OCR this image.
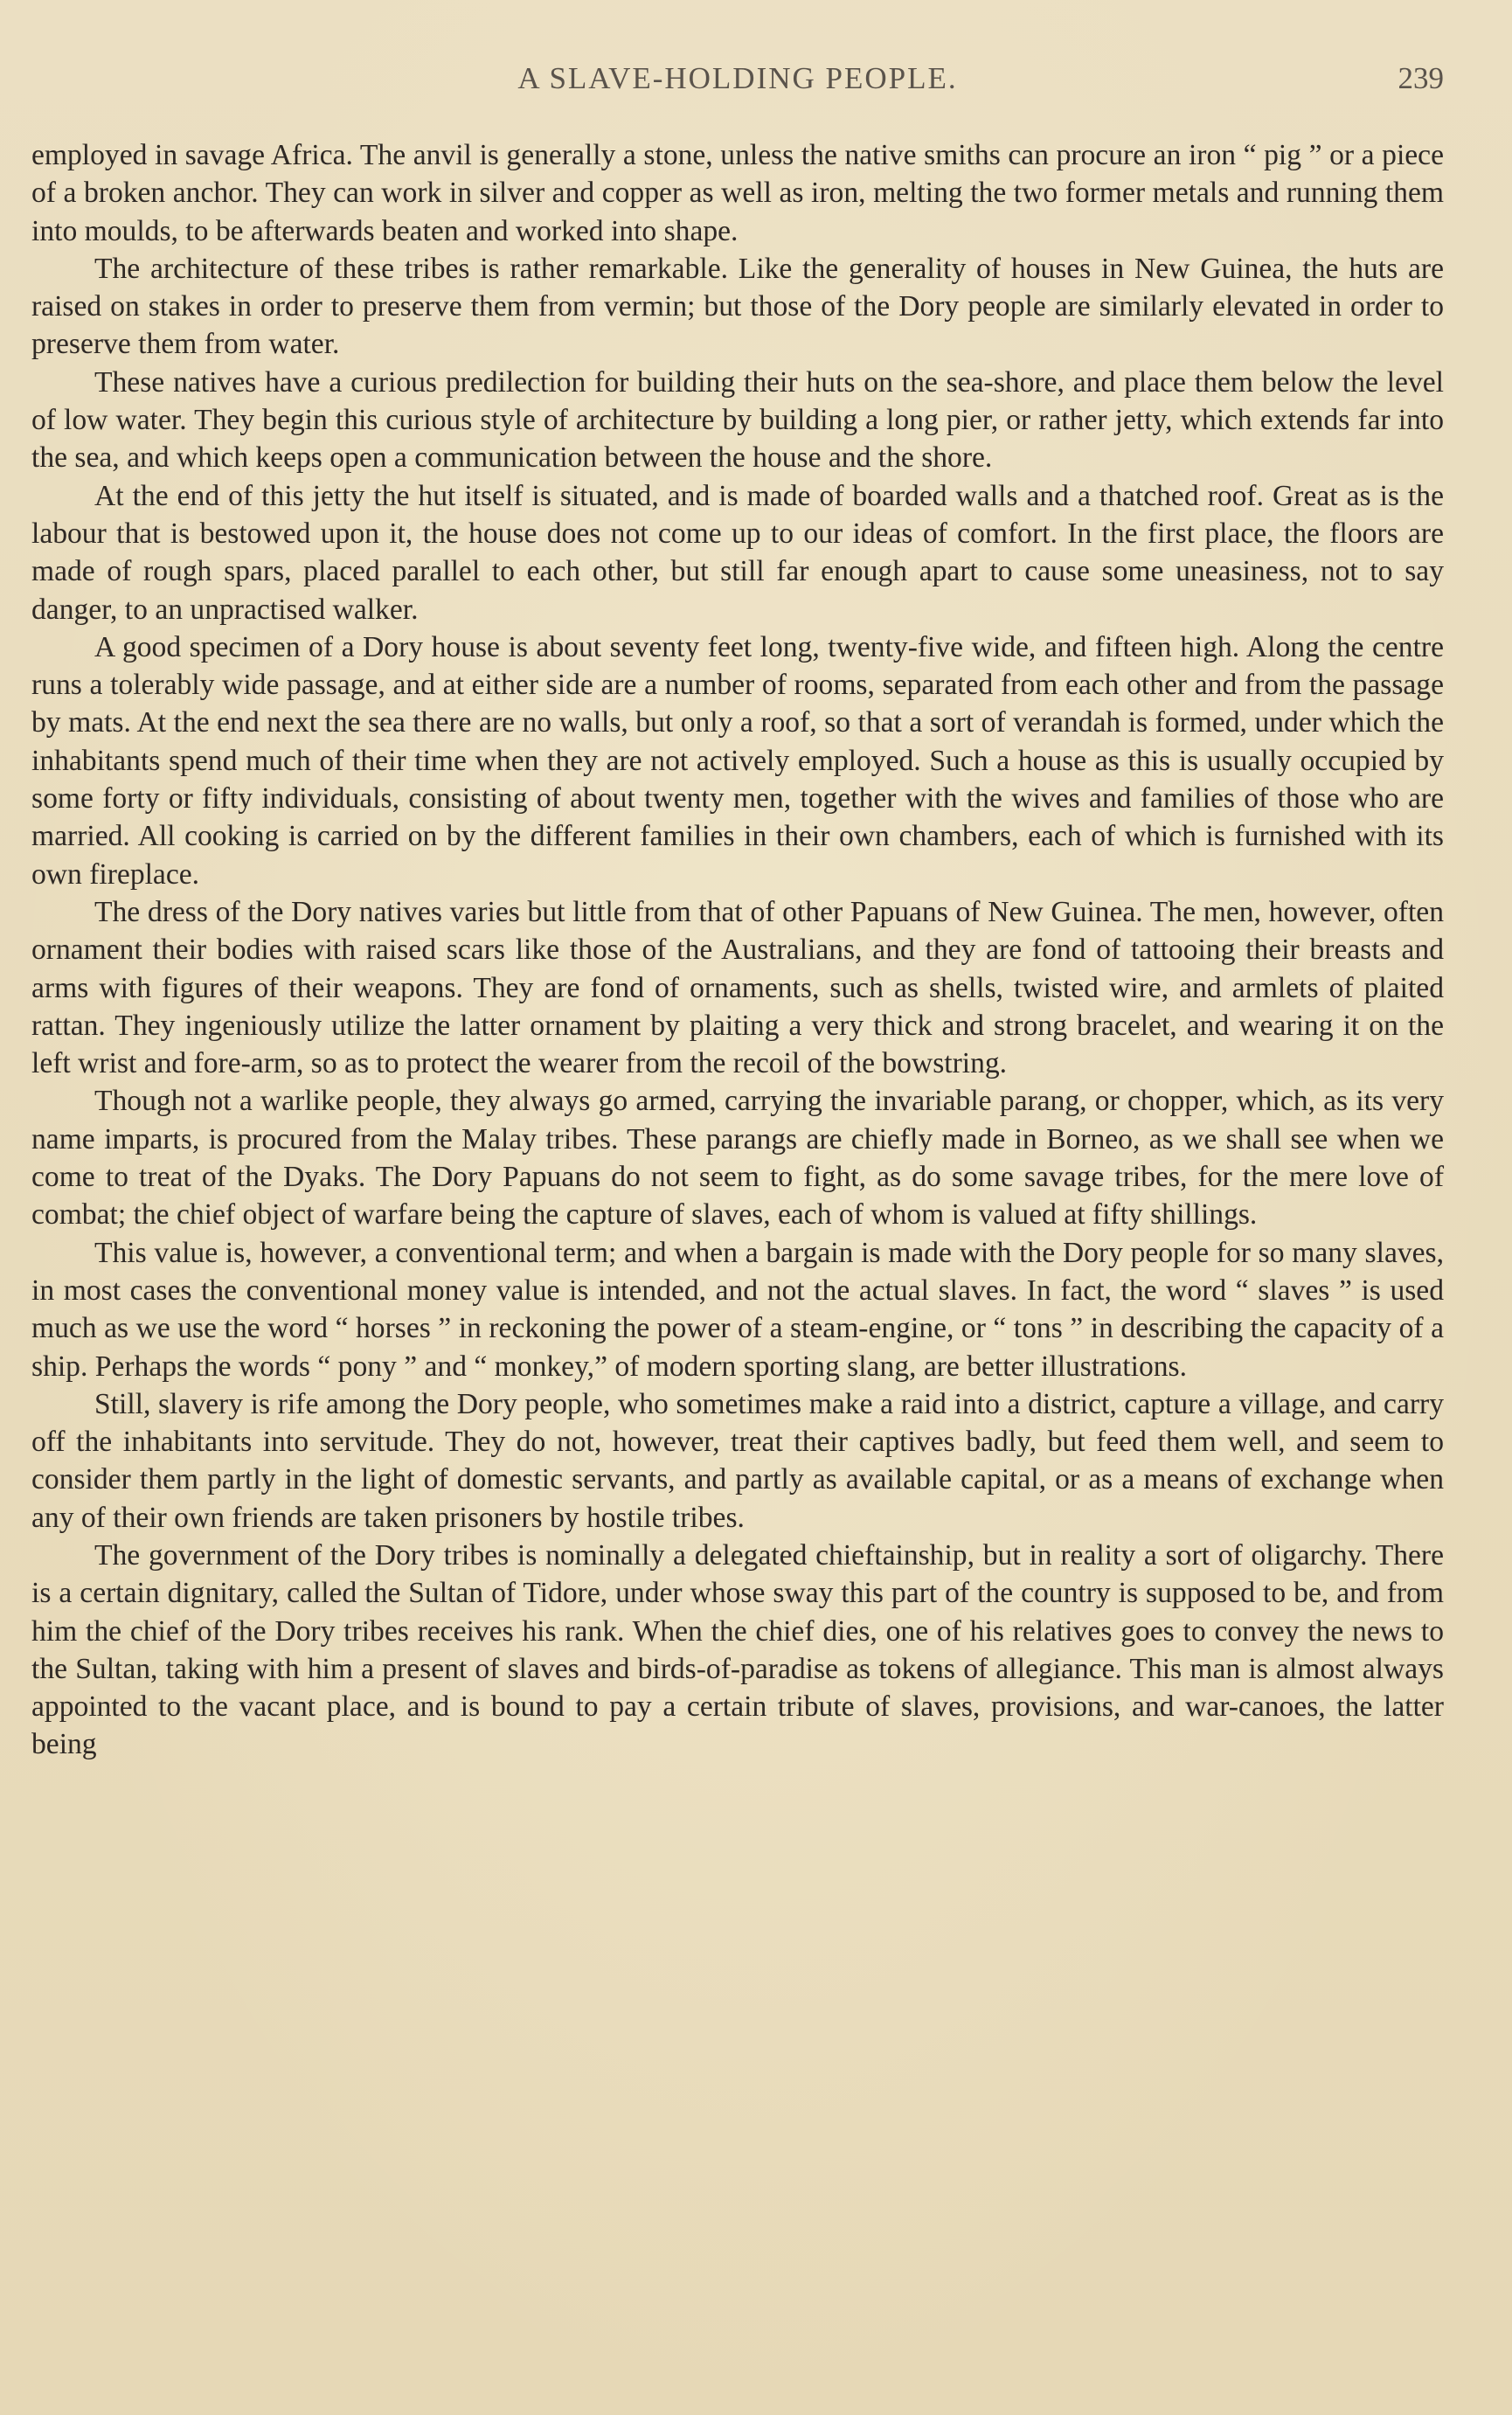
A SLAVE-HOLDING PEOPLE.	239

employed in savage Africa. The anvil is generally a stone, unless the native smiths can procure an iron “ pig ” or a piece of a broken anchor. They can work in silver and copper as well as iron, melting the two former metals and running them into moulds, to be afterwards beaten and worked into shape.

The architecture of these tribes is rather remarkable. Like the generality of houses in New Guinea, the huts are raised on stakes in order to preserve them from vermin; but those of the Dory people are similarly elevated in order to preserve them from water.

These natives have a curious predilection for building their huts on the sea-shore, and place them below the level of low water. They begin this curious style of architecture by building a long pier, or rather jetty, which extends far into the sea, and which keeps open a communication between the house and the shore.

At the end of this jetty the hut itself is situated, and is made of boarded walls and a thatched roof. Great as is the labour that is bestowed upon it, the house does not come up to our ideas of comfort. In the first place, the floors are made of rough spars, placed parallel to each other, but still far enough apart to cause some uneasiness, not to say danger, to an unpractised walker.

A good specimen of a Dory house is about seventy feet long, twenty-five wide, and fifteen high. Along the centre runs a tolerably wide passage, and at either side are a number of rooms, separated from each other and from the passage by mats. At the end next the sea there are no walls, but only a roof, so that a sort of verandah is formed, under which the inhabitants spend much of their time when they are not actively employed. Such a house as this is usually occupied by some forty or fifty individuals, consisting of about twenty men, together with the wives and families of those who are married. All cooking is carried on by the different families in their own chambers, each of which is furnished with its own fireplace.

The dress of the Dory natives varies but little from that of other Papuans of New Guinea. The men, however, often ornament their bodies with raised scars like those of the Australians, and they are fond of tattooing their breasts and arms with figures of their weapons. They are fond of ornaments, such as shells, twisted wire, and armlets of plaited rattan. They ingeniously utilize the latter ornament by plaiting a very thick and strong bracelet, and wearing it on the left wrist and fore-arm, so as to protect the wearer from the recoil of the bowstring.

Though not a warlike people, they always go armed, carrying the invariable parang, or chopper, which, as its very name imparts, is procured from the Malay tribes. These parangs are chiefly made in Borneo, as we shall see when we come to treat of the Dyaks. The Dory Papuans do not seem to fight, as do some savage tribes, for the mere love of combat; the chief object of warfare being the capture of slaves, each of whom is valued at fifty shillings.

This value is, however, a conventional term; and when a bargain is made with the Dory people for so many slaves, in most cases the conventional money value is intended, and not the actual slaves. In fact, the word “ slaves ” is used much as we use the word “ horses ” in reckoning the power of a steam-engine, or “ tons ” in describing the capacity of a ship. Perhaps the words “ pony ” and “ monkey,” of modern sporting slang, are better illustrations.

Still, slavery is rife among the Dory people, who sometimes make a raid into a district, capture a village, and carry off the inhabitants into servitude. They do not, however, treat their captives badly, but feed them well, and seem to consider them partly in the light of domestic servants, and partly as available capital, or as a means of exchange when any of their own friends are taken prisoners by hostile tribes.

The government of the Dory tribes is nominally a delegated chieftainship, but in reality a sort of oligarchy. There is a certain dignitary, called the Sultan of Tidore, under whose sway this part of the country is supposed to be, and from him the chief of the Dory tribes receives his rank. When the chief dies, one of his relatives goes to convey the news to the Sultan, taking with him a present of slaves and birds-of-paradise as tokens of allegiance. This man is almost always appointed to the vacant place, and is bound to pay a certain tribute of slaves, provisions, and war-canoes, the latter being
